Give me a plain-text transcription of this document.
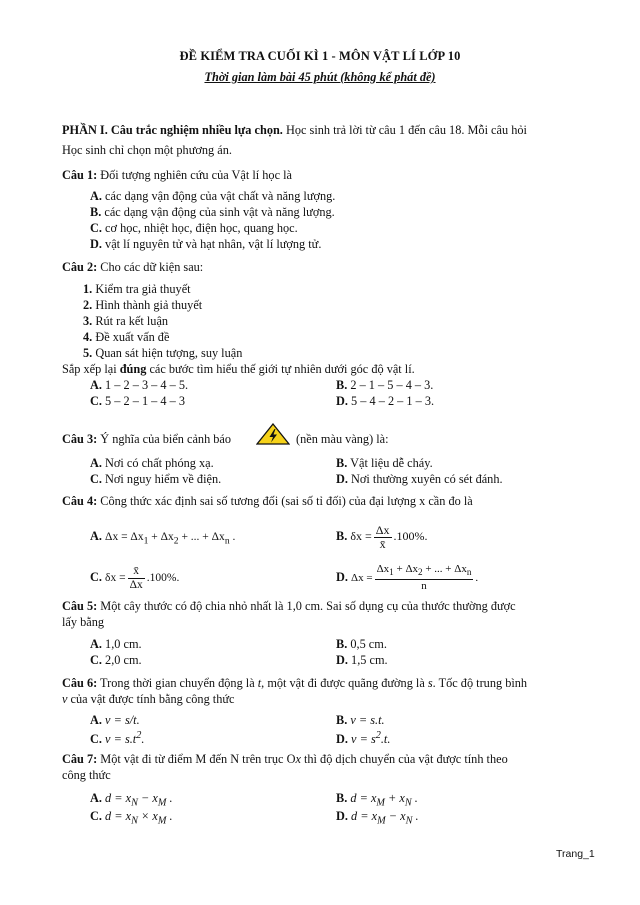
ĐỀ KIỂM TRA CUỐI KÌ 1 - MÔN VẬT LÍ LỚP 10
Thời gian làm bài 45 phút (không kể phát đề)
PHẦN I. Câu trắc nghiệm nhiều lựa chọn. Học sinh trả lời từ câu 1 đến câu 18. Mỗi câu hỏi
Học sinh chỉ chọn một phương án.
Câu 1: Đối tượng nghiên cứu của Vật lí học là
A. các dạng vận động của vật chất và năng lượng.
B. các dạng vận động của sinh vật và năng lượng.
C. cơ học, nhiệt học, điện học, quang học.
D. vật lí nguyên tử và hạt nhân, vật lí lượng tử.
Câu 2: Cho các dữ kiện sau:
1. Kiểm tra giả thuyết
2. Hình thành giả thuyết
3. Rút ra kết luận
4. Đề xuất vấn đề
5. Quan sát hiện tượng, suy luận
Sắp xếp lại đúng các bước tìm hiểu thế giới tự nhiên dưới góc độ vật lí.
A. 1 – 2 – 3 – 4 – 5.	B. 2 – 1 – 5 – 4 – 3.
C. 5 – 2 – 1 – 4 – 3	D. 5 – 4 – 2 – 1 – 3.
Câu 3: Ý nghĩa của biển cảnh báo	(nền màu vàng) là:
A. Nơi có chất phóng xạ.	B. Vật liệu dễ cháy.
C. Nơi nguy hiểm về điện.	D. Nơi thường xuyên có sét đánh.
Câu 4: Công thức xác định sai số tương đối (sai số tỉ đối) của đại lượng x cần đo là
A. $\Delta x = \Delta x_1 + \Delta x_2$ + ... + $\Delta x_n$ .	B. $\delta x = \frac{\Delta x}{x̄} .100\%$.
C. $\delta x = \frac{x̄}{\Delta x} .100\%$.	D. $\Delta x = \frac{\Delta x_1 + \Delta x_2 + ... + \Delta x_n}{n}$ .
Câu 5: Một cây thước có độ chia nhỏ nhất là 1,0 cm. Sai số dụng cụ của thước thường được
lấy bằng
A. 1,0 cm.	B. 0,5 cm.
C. 2,0 cm.	D. 1,5 cm.
Câu 6: Trong thời gian chuyển động là t, một vật đi được quãng đường là s. Tốc độ trung bình
v của vật được tính bằng công thức
A. v = s/t.	B. v = s.t.
C. $v = s.t^2$.	D. $v = s^2.t$.
Câu 7: Một vật đi từ điểm M đến N trên trục Ox thì độ dịch chuyển của vật được tính theo
công thức
A. $d = x_N - x_M$ .	B. $d = x_M + x_N$ .
C. $d = x_N \times x_M$ .	D. $d = x_M - x_N$ .
Trang_1
